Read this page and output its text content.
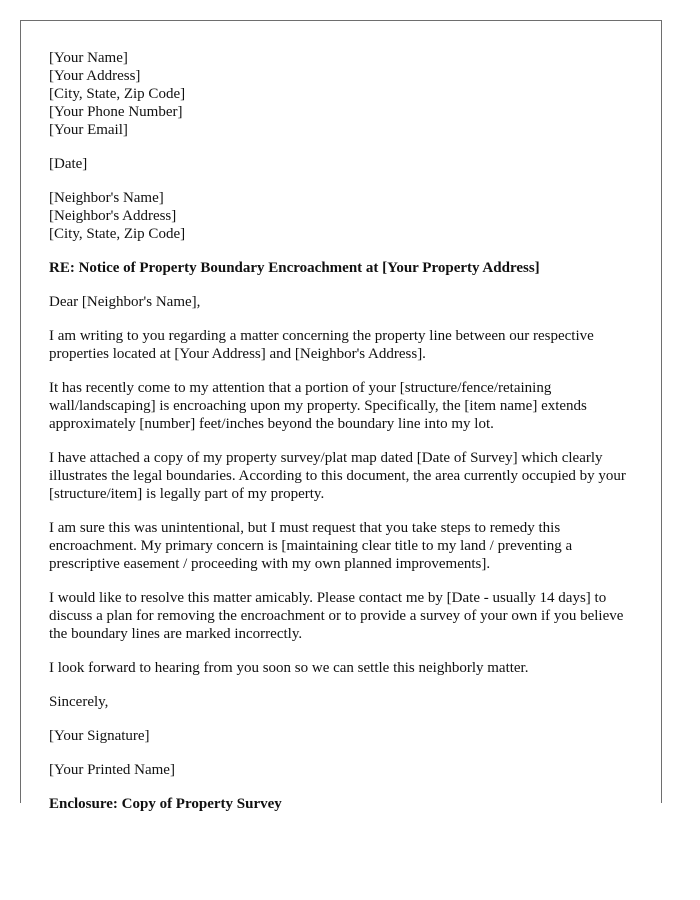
[Your Name]
[Your Address]
[City, State, Zip Code]
[Your Phone Number]
[Your Email]
[Date]
[Neighbor's Name]
[Neighbor's Address]
[City, State, Zip Code]

RE: Notice of Property Boundary Encroachment at [Your Property Address]

Dear [Neighbor's Name],

I am writing to you regarding a matter concerning the property line between our respective properties located at [Your Address] and [Neighbor's Address].

It has recently come to my attention that a portion of your [structure/fence/retaining wall/landscaping] is encroaching upon my property. Specifically, the [item name] extends approximately [number] feet/inches beyond the boundary line into my lot.

I have attached a copy of my property survey/plat map dated [Date of Survey] which clearly illustrates the legal boundaries. According to this document, the area currently occupied by your [structure/item] is legally part of my property.

I am sure this was unintentional, but I must request that you take steps to remedy this encroachment. My primary concern is [maintaining clear title to my land / preventing a prescriptive easement / proceeding with my own planned improvements].

I would like to resolve this matter amicably. Please contact me by [Date - usually 14 days] to discuss a plan for removing the encroachment or to provide a survey of your own if you believe the boundary lines are marked incorrectly.

I look forward to hearing from you soon so we can settle this neighborly matter.

Sincerely,

[Your Signature]

[Your Printed Name]

Enclosure: Copy of Property Survey
